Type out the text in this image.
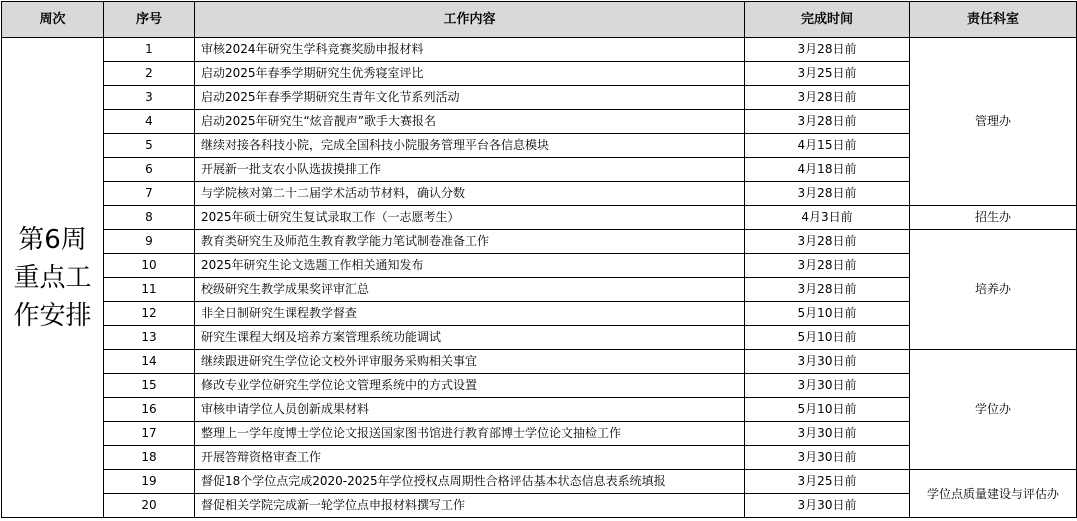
周次	序号	工作内容	完成时间	责任科室
第6周重点工作安排	1	审核2024年研究生学科竞赛奖励申报材料	3月28日前	管理办
	2	启动2025年春季学期研究生优秀寝室评比	3月25日前	
	3	启动2025年春季学期研究生青年文化节系列活动	3月28日前	
	4	启动2025年研究生“炫音靓声”歌手大赛报名	3月28日前	
	5	继续对接各科技小院，完成全国科技小院服务管理平台各信息模块	4月15日前	
	6	开展新一批支农小队选拔摸排工作	4月18日前	
	7	与学院核对第二十二届学术活动节材料，确认分数	3月28日前	
	8	2025年硕士研究生复试录取工作（一志愿考生）	4月3日前	招生办
	9	教育类研究生及师范生教育教学能力笔试制卷准备工作	3月28日前	培养办
	10	2025年研究生论文选题工作相关通知发布	3月28日前	
	11	校级研究生教学成果奖评审汇总	3月28日前	
	12	非全日制研究生课程教学督查	5月10日前	
	13	研究生课程大纲及培养方案管理系统功能调试	5月10日前	
	14	继续跟进研究生学位论文校外评审服务采购相关事宜	3月30日前	学位办
	15	修改专业学位研究生学位论文管理系统中的方式设置	3月30日前	
	16	审核申请学位人员创新成果材料	5月10日前	
	17	整理上一学年度博士学位论文报送国家图书馆进行教育部博士学位论文抽检工作	3月30日前	
	18	开展答辩资格审查工作	3月30日前	
	19	督促18个学位点完成2020-2025年学位授权点周期性合格评估基本状态信息表系统填报	3月25日前	学位点质量建设与评估办
	20	督促相关学院完成新一轮学位点申报材料撰写工作	3月30日前	
